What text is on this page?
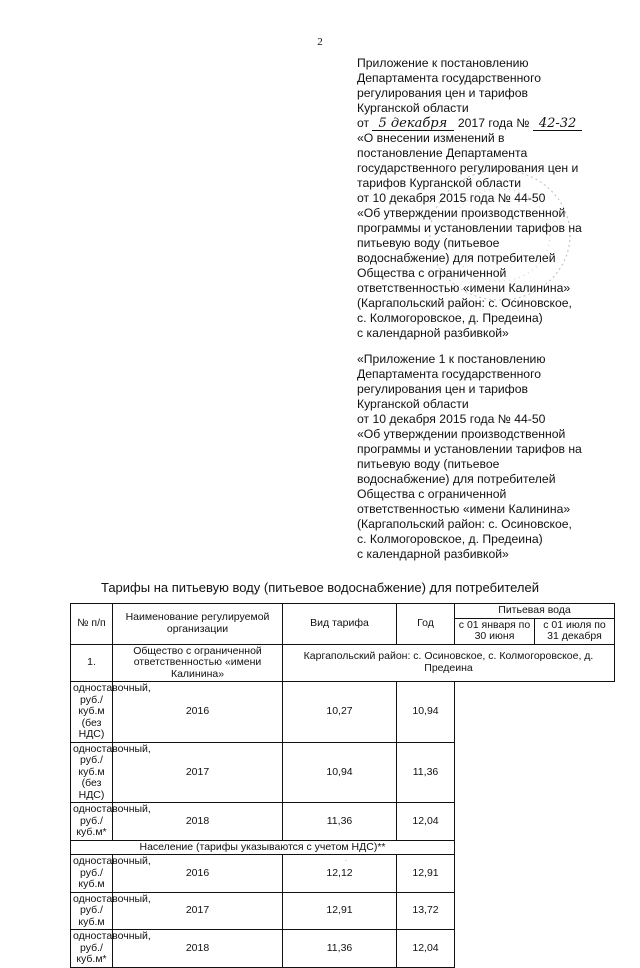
2
Приложение к постановлению
Департамента государственного
регулирования цен и тарифов
Курганской области
от 5 декабря 2017 года № 42-32
«О внесении изменений в
постановление Департамента
государственного регулирования цен и
тарифов Курганской области
от 10 декабря 2015 года № 44-50
«Об утверждении производственной
программы и установлении тарифов на
питьевую воду (питьевое
водоснабжение) для потребителей
Общества с ограниченной
ответственностью «имени Калинина»
(Каргапольский район: с. Осиновское,
с. Колмогоровское, д. Предеина)
с календарной разбивкой»
«Приложение 1 к постановлению
Департамента государственного
регулирования цен и тарифов
Курганской области
от 10 декабря 2015 года № 44-50
«Об утверждении производственной
программы и установлении тарифов на
питьевую воду (питьевое
водоснабжение) для потребителей
Общества с ограниченной
ответственностью «имени Калинина»
(Каргапольский район: с. Осиновское,
с. Колмогоровское, д. Предеина)
с календарной разбивкой»
Тарифы на питьевую воду (питьевое водоснабжение) для потребителей
№ п/п	Наименование регулируемой организации	Вид тарифа	Год	Питьевая вода	
				с 01 января по 30 июня	с 01 июля по 31 декабря
1.	Общество с ограниченной ответственностью «имени Калинина»	Каргапольский район: с. Осиновское, с. Колмогоровское, д. Предеина			
одноставочный, руб./куб.м (без НДС)	2016	10,27	10,94		
одноставочный, руб./куб.м (без НДС)	2017	10,94	11,36		
одноставочный, руб./куб.м*	2018	11,36	12,04		
Население (тарифы указываются с учетом НДС)**					
одноставочный, руб./куб.м	2016	12,12	12,91		
одноставочный, руб./куб.м	2017	12,91	13,72		
одноставочный, руб./куб.м*	2018	11,36	12,04		
·
